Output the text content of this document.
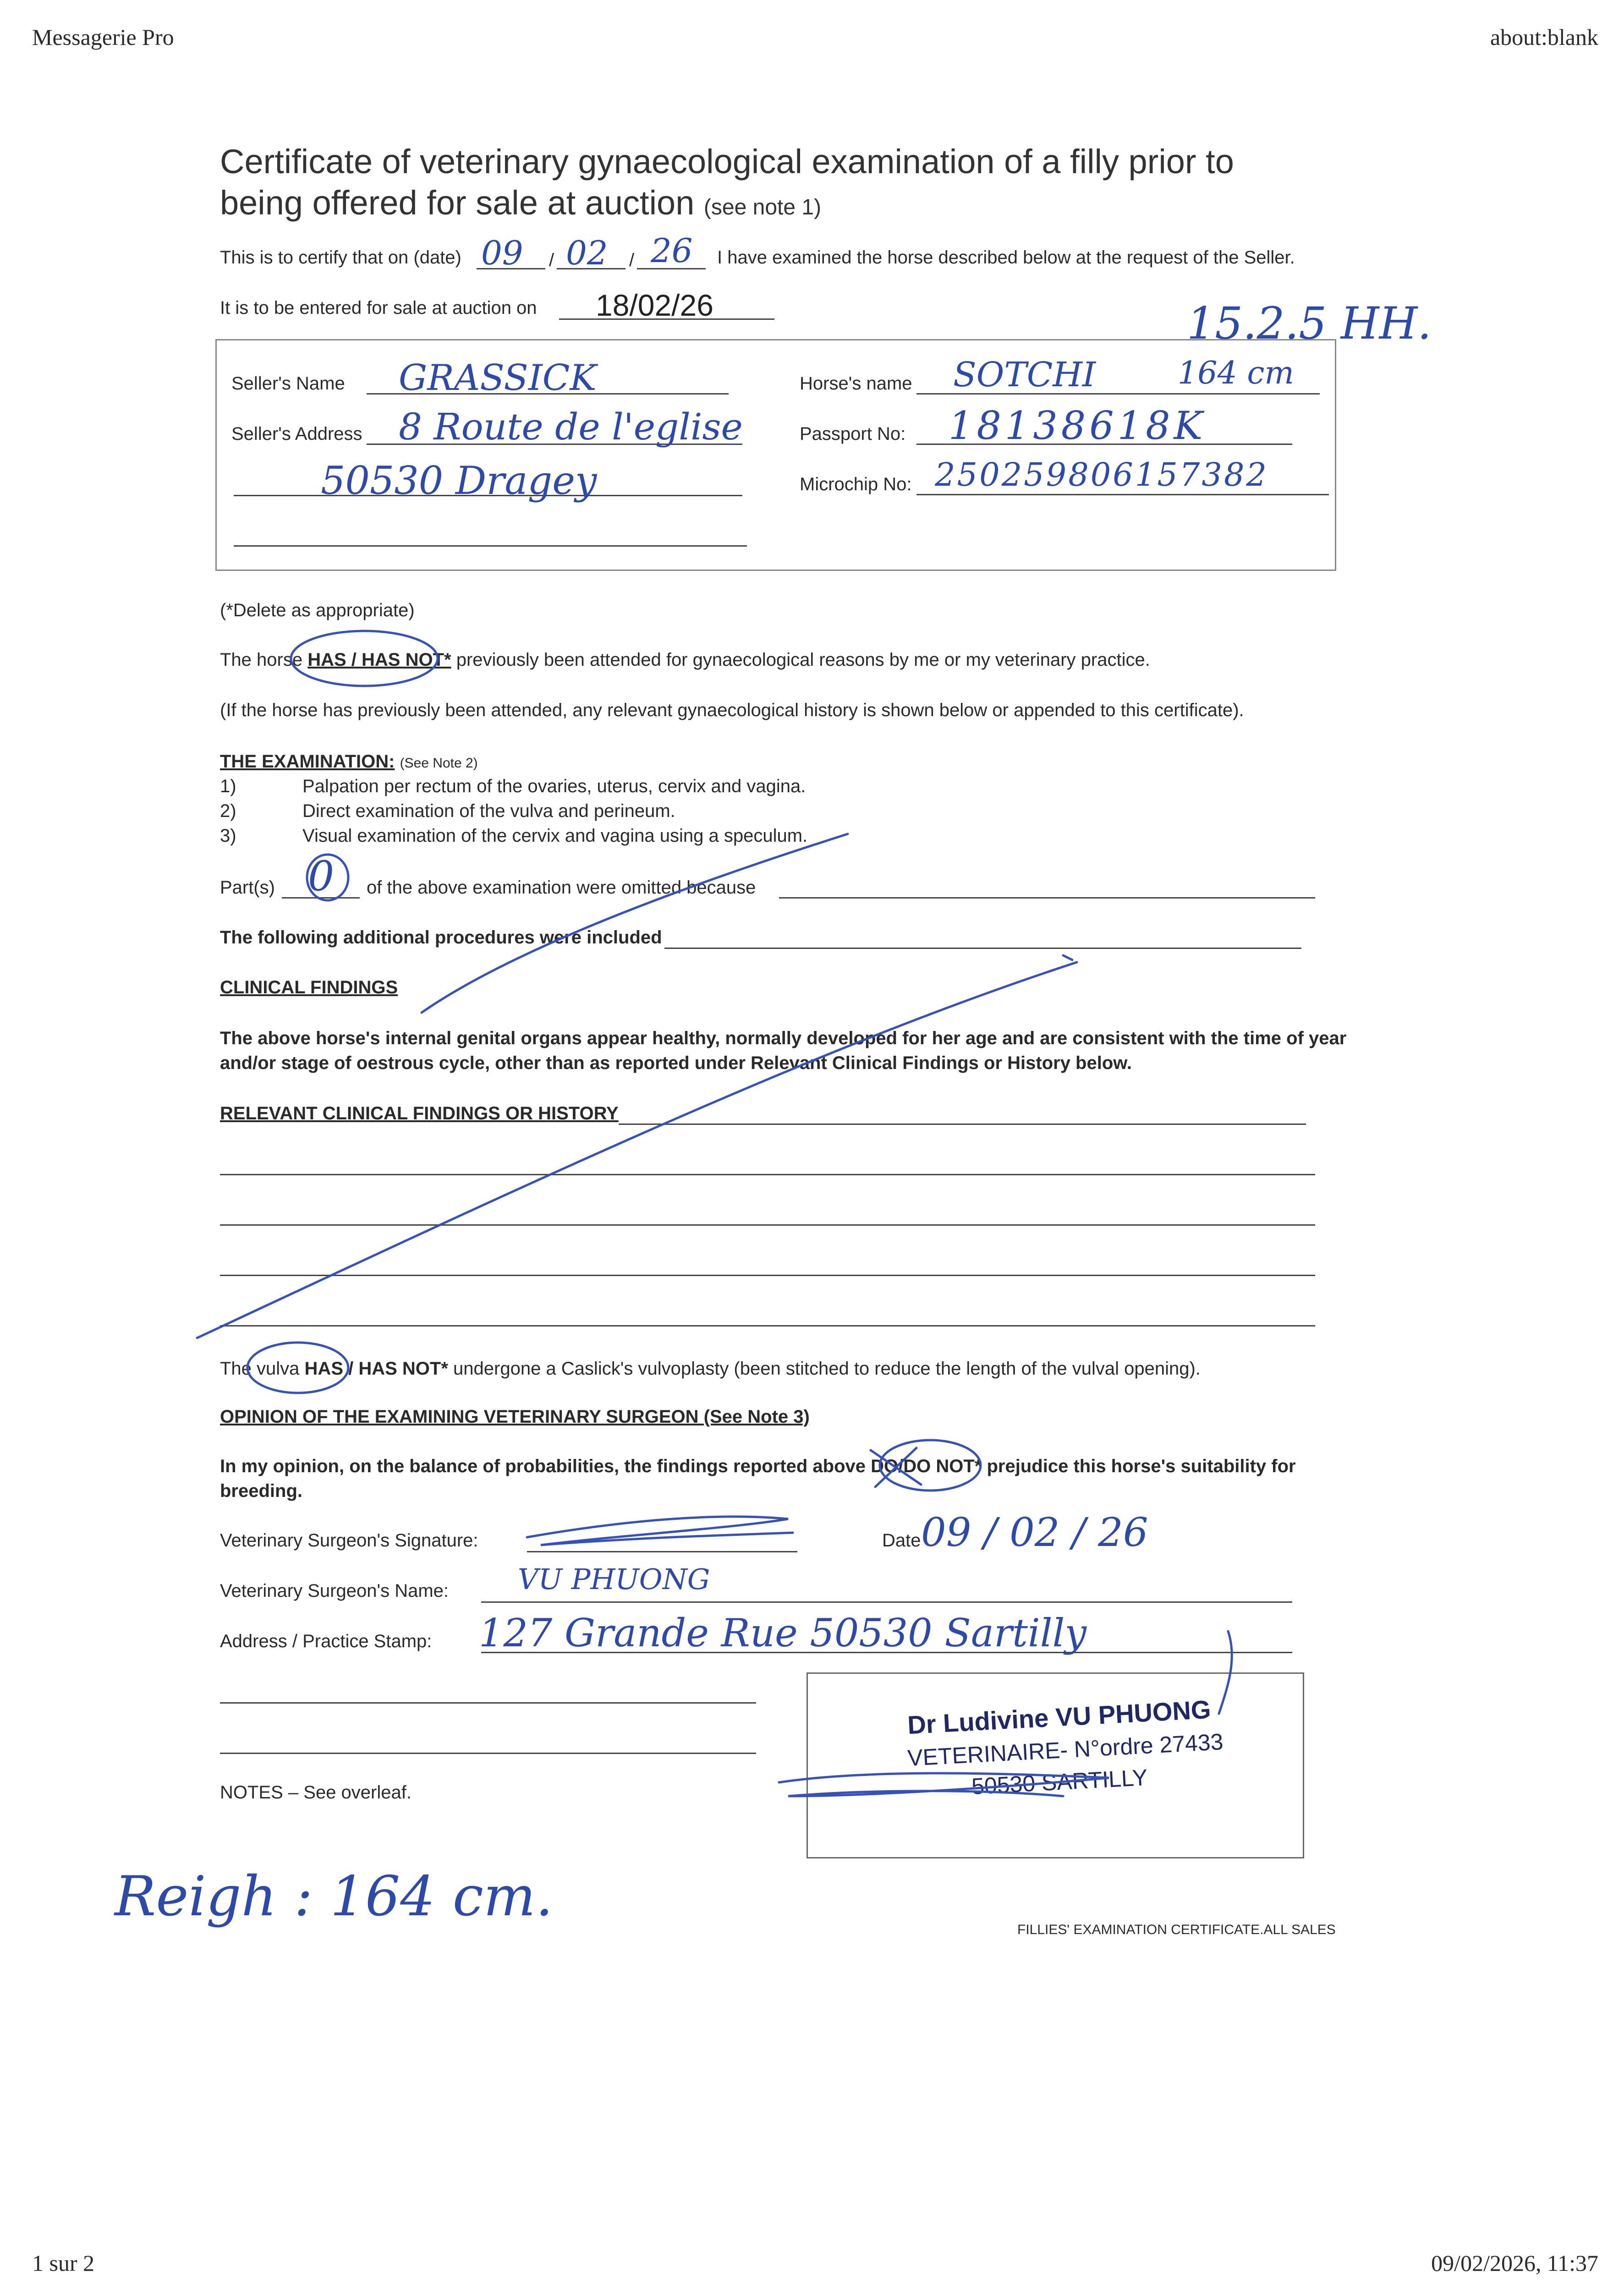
Messagerie Pro	about:blank
1 sur 2	09/02/2026, 11:37
Certificate of veterinary gynaecological examination of a filly prior to
being offered for sale at auction (see note 1)
This is to certify that on (date)	/	/
09 02 26 I have examined the horse described below at the request of the Seller.
It is to be entered for sale at auction on 18/02/26	15.2.5 HH.
Seller's Name GRASSICK
Seller's Address 8 Route de l'eglise
50530 Dragey
Horse's name SOTCHI	164 cm
Passport No: 18138618K
Microchip No: 250259806157382
(*Delete as appropriate)
The horse HAS / HAS NOT* previously been attended for gynaecological reasons by me or my veterinary practice.
(If the horse has previously been attended, any relevant gynaecological history is shown below or appended to this certificate).
THE EXAMINATION: (See Note 2)
1)	Palpation per rectum of the ovaries, uterus, cervix and vagina.
2)	Direct examination of the vulva and perineum.
3)	Visual examination of the cervix and vagina using a speculum.
Part(s) 0 of the above examination were omitted because
The following additional procedures were included
CLINICAL FINDINGS
The above horse's internal genital organs appear healthy, normally developed for her age and are consistent with the time of year
and/or stage of oestrous cycle, other than as reported under Relevant Clinical Findings or History below.
RELEVANT CLINICAL FINDINGS OR HISTORY
The vulva HAS / HAS NOT* undergone a Caslick's vulvoplasty (been stitched to reduce the length of the vulval opening).
OPINION OF THE EXAMINING VETERINARY SURGEON (See Note 3)
In my opinion, on the balance of probabilities, the findings reported above DO/DO NOT* prejudice this horse's suitability for
breeding.
Veterinary Surgeon's Signature:	Date 09 / 02 / 26
Veterinary Surgeon's Name: VU PHUONG
Address / Practice Stamp: 127 Grande Rue 50530 Sartilly
NOTES – See overleaf.
Dr Ludivine VU PHUONG
VETERINAIRE- N°ordre 27433
50530 SARTILLY
Reigh : 164 cm.
FILLIES' EXAMINATION CERTIFICATE.ALL SALES
